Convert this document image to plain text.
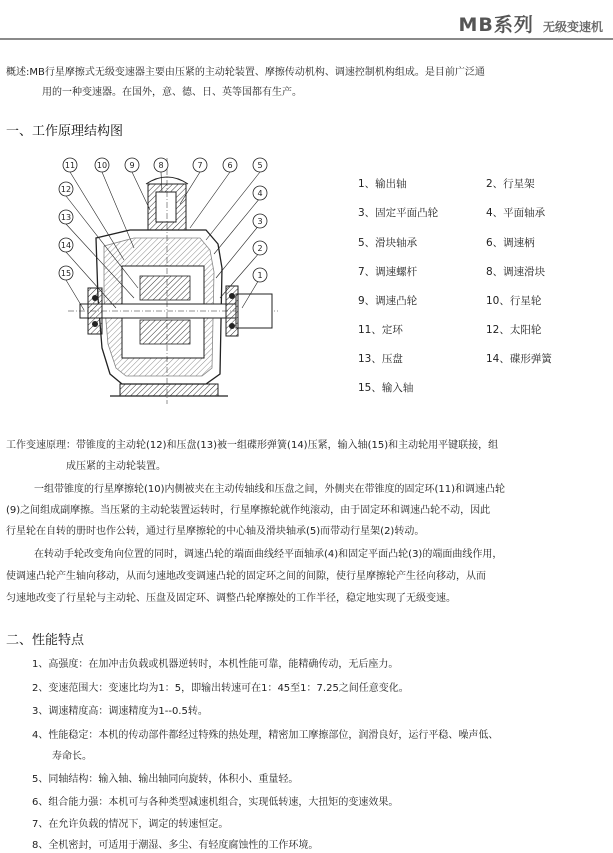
MB系列 无级变速机
概述:MB行星摩擦式无级变速器主要由压紧的主动轮装置、摩擦传动机构、调速控制机构组成。是目前广泛通
用的一种变速器。在国外，意、德、日、英等国都有生产。
一、工作原理结构图
11	10	9	8	7	6	5
4
3
2
1
12
13
14
15
1、输出轴	2、行星架
3、固定平面凸轮	4、平面轴承
5、滑块轴承	6、调速柄
7、调速螺杆	8、调速滑块
9、调速凸轮	10、行星轮
11、定环	12、太阳轮
13、压盘	14、碟形弹簧
15、输入轴
工作变速原理：带锥度的主动轮(12)和压盘(13)被一组碟形弹簧(14)压紧，输入轴(15)和主动轮用平键联接，组
成压紧的主动轮装置。
一组带锥度的行星摩擦轮(10)内侧被夹在主动传轴线和压盘之间，外侧夹在带锥度的固定环(11)和调速凸轮
(9)之间组成副摩擦。当压紧的主动轮装置运转时，行星摩擦轮就作纯滚动，由于固定环和调速凸轮不动，因此
行星轮在自转的册时也作公转，通过行星摩擦轮的中心轴及滑块轴承(5)而带动行星架(2)转动。
在转动手轮改变角向位置的同时，调速凸轮的端面曲线经平面轴承(4)和固定平面凸轮(3)的端面曲线作用，
使调速凸轮产生轴向移动，从而匀速地改变调速凸轮的固定环之间的间隙，使行星摩擦轮产生径向移动，从而
匀速地改变了行星轮与主动轮、压盘及固定环、调整凸轮摩擦处的工作半径，稳定地实现了无级变速。
二、性能特点
1、高强度：在加冲击负载或机器逆转时，本机性能可靠，能精确传动，无后座力。
2、变速范围大：变速比均为1：5，即输出转速可在1：45至1：7.25之间任意变化。
3、调速精度高：调速精度为1--0.5转。
4、性能稳定：本机的传动部件都经过特殊的热处理，精密加工摩擦部位，润滑良好，运行平稳、噪声低、
寿命长。
5、同轴结构：输入轴、输出轴同向旋转，体积小、重量轻。
6、组合能力强：本机可与各种类型减速机组合，实现低转速，大扭矩的变速效果。
7、在允许负载的情况下，调定的转速恒定。
8、全机密封，可适用于潮湿、多尘、有轻度腐蚀性的工作环境。
